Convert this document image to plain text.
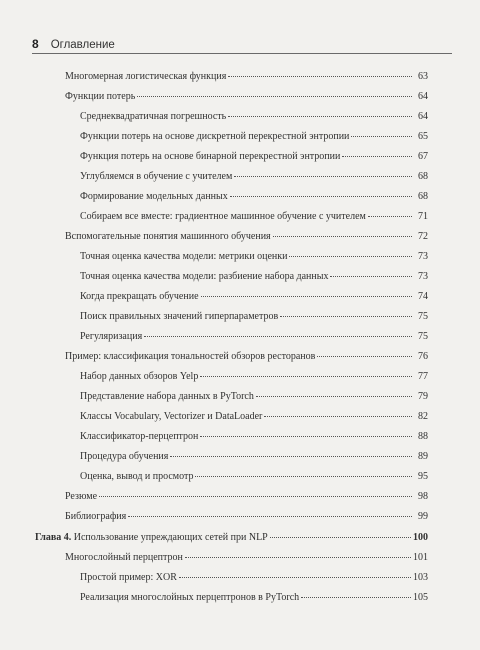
8 Оглавление
Многомерная логистическая функция	63
Функции потерь	64
Среднеквадратичная погрешность	64
Функции потерь на основе дискретной перекрестной энтропии	65
Функция потерь на основе бинарной перекрестной энтропии	67
Углубляемся в обучение с учителем	68
Формирование модельных данных	68
Собираем все вместе: градиентное машинное обучение с учителем	71
Вспомогательные понятия машинного обучения	72
Точная оценка качества модели: метрики оценки	73
Точная оценка качества модели: разбиение набора данных	73
Когда прекращать обучение	74
Поиск правильных значений гиперпараметров	75
Регуляризация	75
Пример: классификация тональностей обзоров ресторанов	76
Набор данных обзоров Yelp	77
Представление набора данных в PyTorch	79
Классы Vocabulary, Vectorizer и DataLoader	82
Классификатор-перцептрон	88
Процедура обучения	89
Оценка, вывод и просмотр	95
Резюме	98
Библиография	99
Глава 4. Использование упреждающих сетей при NLP	100
Многослойный перцептрон	101
Простой пример: XOR	103
Реализация многослойных перцептронов в PyTorch	105
